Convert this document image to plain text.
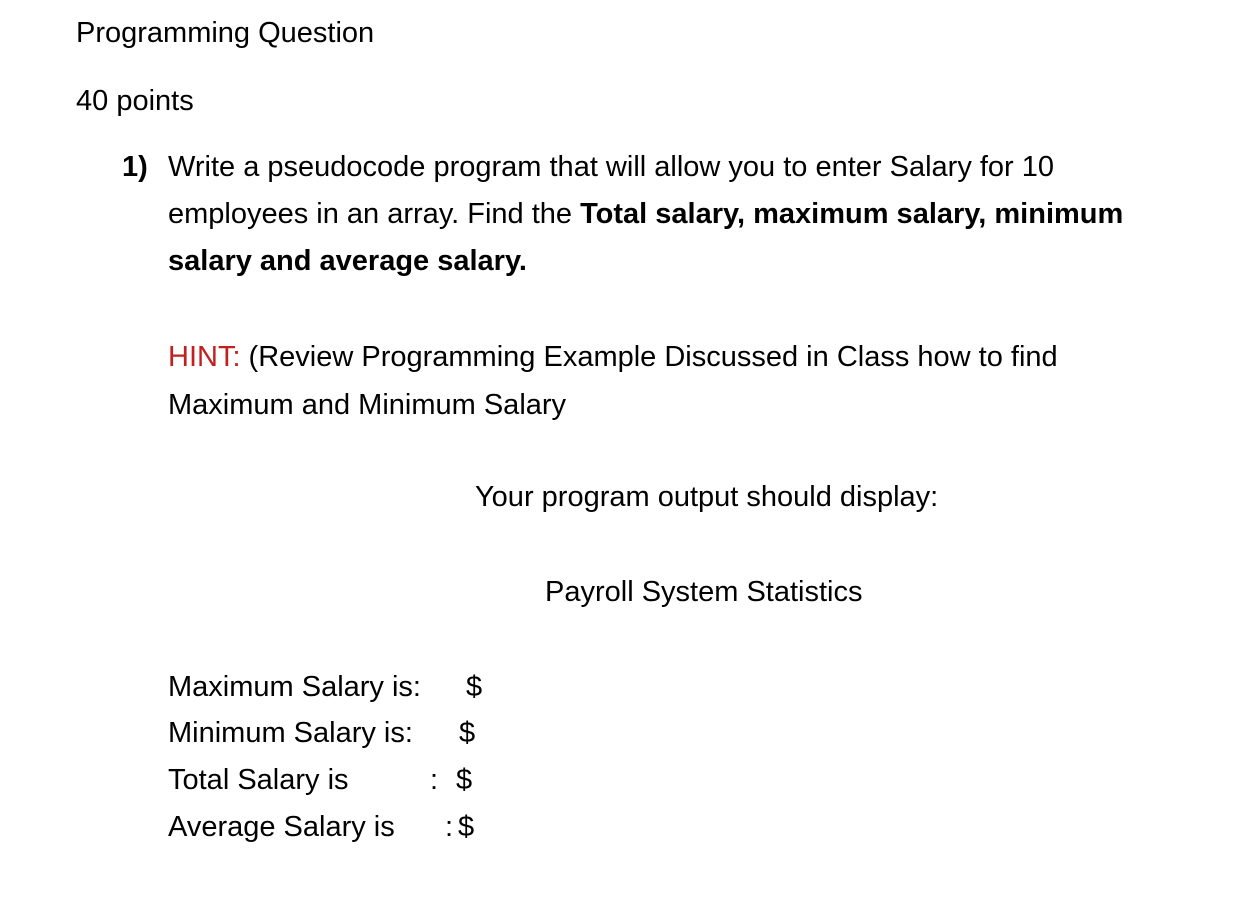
Programming Question
40 points
1) Write a pseudocode program that will allow you to enter Salary for 10
employees in an array. Find the Total salary, maximum salary, minimum
salary and average salary.
HINT: (Review Programming Example Discussed in Class how to find
Maximum and Minimum Salary
Your program output should display:
Payroll System Statistics
Maximum Salary is: $
Minimum Salary is: $
Total Salary is	: $
Average Salary is : $
